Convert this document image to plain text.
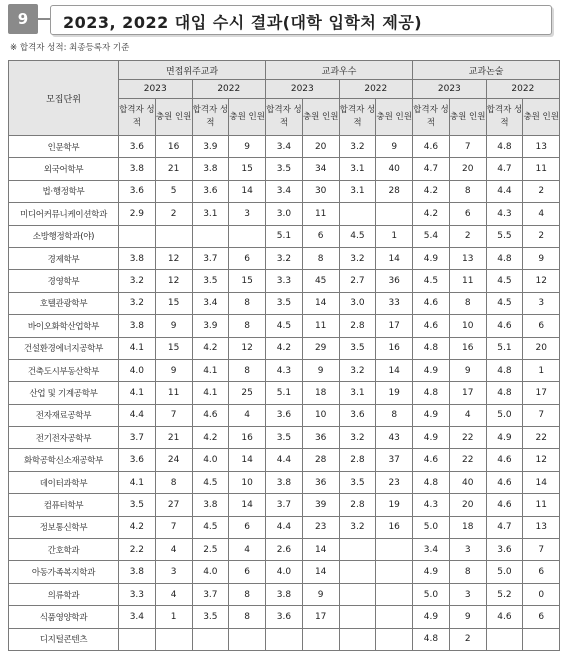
9	2023, 2022 대입 수시 결과(대학 입학처 제공)
※ 합격자 성적: 최종등록자 기준
모집단위	면접위주교과				교과우수				교과논술			
	2023		2022		2023		2022		2023		2022	
	합격자 성적	충원 인원	합격자 성적	충원 인원	합격자 성적	충원 인원	합격자 성적	충원 인원	합격자 성적	충원 인원	합격자 성적	충원 인원
인문학부	3.6	16	3.9	9	3.4	20	3.2	9	4.6	7	4.8	13
외국어학부	3.8	21	3.8	15	3.5	34	3.1	40	4.7	20	4.7	11
법·행정학부	3.6	5	3.6	14	3.4	30	3.1	28	4.2	8	4.4	2
미디어커뮤니케이션학과	2.9	2	3.1	3	3.0	11			4.2	6	4.3	4
소방행정학과(야)					5.1	6	4.5	1	5.4	2	5.5	2
경제학부	3.8	12	3.7	6	3.2	8	3.2	14	4.9	13	4.8	9
경영학부	3.2	12	3.5	15	3.3	45	2.7	36	4.5	11	4.5	12
호텔관광학부	3.2	15	3.4	8	3.5	14	3.0	33	4.6	8	4.5	3
바이오화학산업학부	3.8	9	3.9	8	4.5	11	2.8	17	4.6	10	4.6	6
건설환경에너지공학부	4.1	15	4.2	12	4.2	29	3.5	16	4.8	16	5.1	20
건축도시부동산학부	4.0	9	4.1	8	4.3	9	3.2	14	4.9	9	4.8	1
산업 및 기계공학부	4.1	11	4.1	25	5.1	18	3.1	19	4.8	17	4.8	17
전자재료공학부	4.4	7	4.6	4	3.6	10	3.6	8	4.9	4	5.0	7
전기전자공학부	3.7	21	4.2	16	3.5	36	3.2	43	4.9	22	4.9	22
화학공학신소재공학부	3.6	24	4.0	14	4.4	28	2.8	37	4.6	22	4.6	12
데이터과학부	4.1	8	4.5	10	3.8	36	3.5	23	4.8	40	4.6	14
컴퓨터학부	3.5	27	3.8	14	3.7	39	2.8	19	4.3	20	4.6	11
정보통신학부	4.2	7	4.5	6	4.4	23	3.2	16	5.0	18	4.7	13
간호학과	2.2	4	2.5	4	2.6	14			3.4	3	3.6	7
아동가족복지학과	3.8	3	4.0	6	4.0	14			4.9	8	5.0	6
의류학과	3.3	4	3.7	8	3.8	9			5.0	3	5.2	0
식품영양학과	3.4	1	3.5	8	3.6	17			4.9	9	4.6	6
디지털콘텐츠									4.8	2		
